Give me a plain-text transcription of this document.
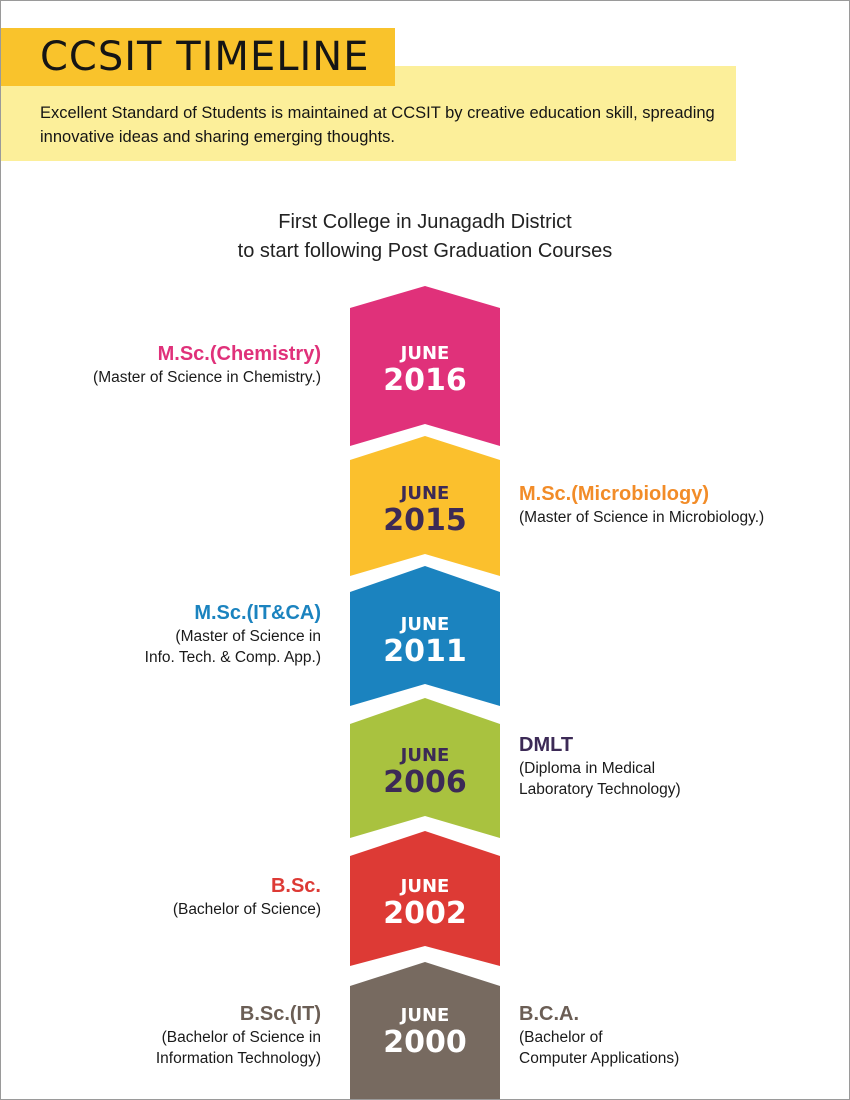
CCSIT TIMELINE
Excellent Standard of Students is maintained at CCSIT by creative education skill, spreading innovative ideas and sharing emerging thoughts.
First College in Junagadh District
to start following Post Graduation Courses
JUNE
2016
JUNE
2015
JUNE
2011
JUNE
2006
JUNE
2002
JUNE
2000
M.Sc.(Chemistry)
(Master of Science in Chemistry.)
M.Sc.(Microbiology)
(Master of Science in Microbiology.)
M.Sc.(IT&CA)
(Master of Science in
Info. Tech. & Comp. App.)
DMLT
(Diploma in Medical
Laboratory Technology)
B.Sc.
(Bachelor of Science)
B.Sc.(IT)
(Bachelor of Science in
Information Technology)
B.C.A.
(Bachelor of
Computer Applications)
